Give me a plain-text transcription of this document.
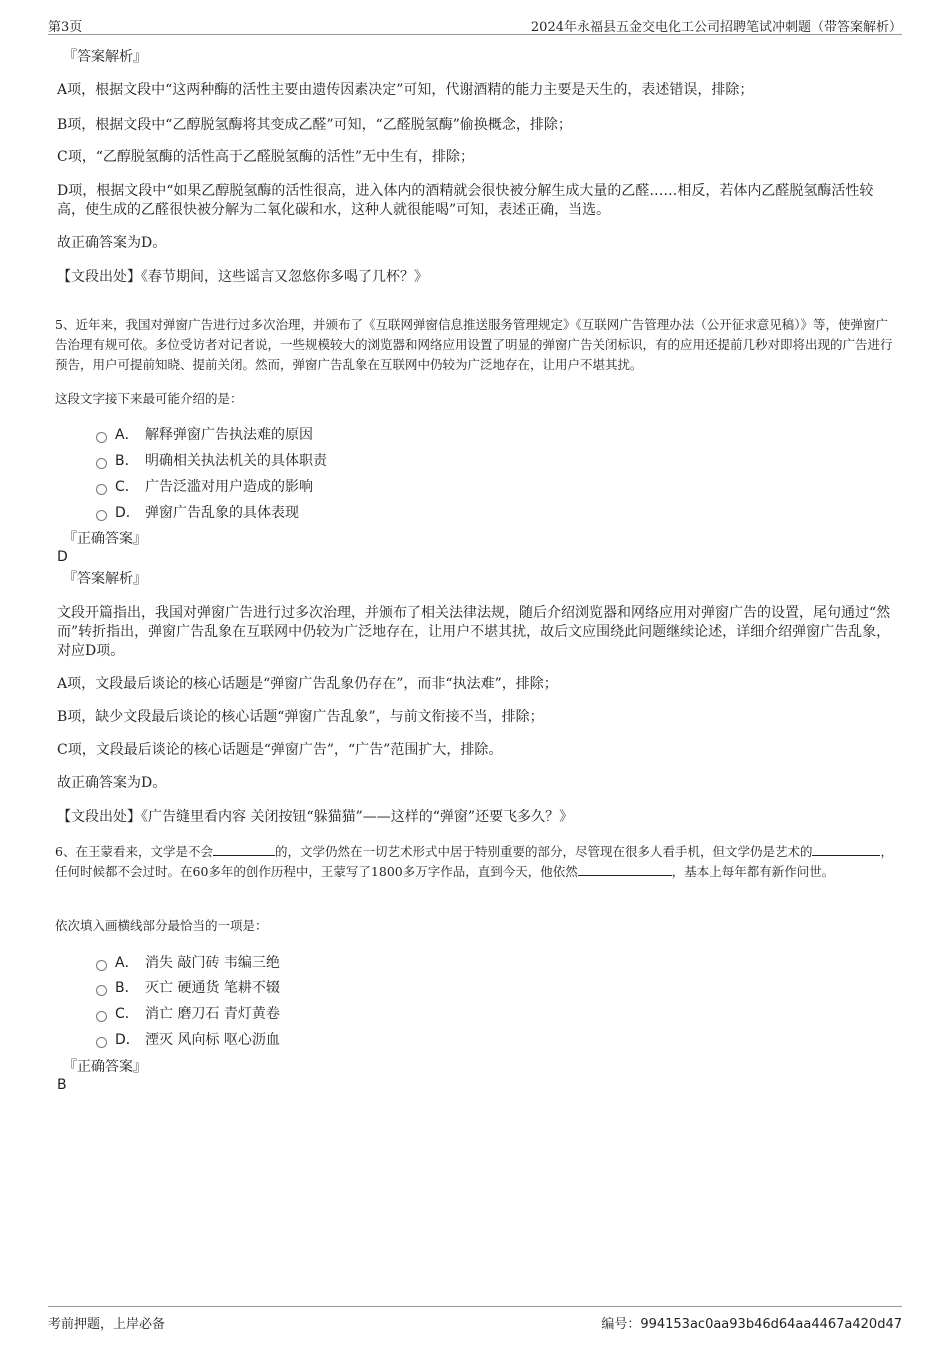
第3页	2024年永福县五金交电化工公司招聘笔试冲刺题（带答案解析）
『答案解析』
A项，根据文段中“这两种酶的活性主要由遗传因素决定”可知，代谢酒精的能力主要是天生的，表述错误，排除；
B项，根据文段中“乙醇脱氢酶将其变成乙醛”可知，“乙醛脱氢酶”偷换概念，排除；
C项，“乙醇脱氢酶的活性高于乙醛脱氢酶的活性”无中生有，排除；
D项，根据文段中“如果乙醇脱氢酶的活性很高，进入体内的酒精就会很快被分解生成大量的乙醛……相反，若体内乙醛脱氢酶活性较高，使生成的乙醛很快被分解为二氧化碳和水，这种人就很能喝”可知，表述正确，当选。
故正确答案为D。
【文段出处】《春节期间，这些谣言又忽悠你多喝了几杯？》
5、近年来，我国对弹窗广告进行过多次治理，并颁布了《互联网弹窗信息推送服务管理规定》《互联网广告管理办法（公开征求意见稿）》等，使弹窗广告治理有规可依。多位受访者对记者说，一些规模较大的浏览器和网络应用设置了明显的弹窗广告关闭标识，有的应用还提前几秒对即将出现的广告进行预告，用户可提前知晓、提前关闭。然而，弹窗广告乱象在互联网中仍较为广泛地存在，让用户不堪其扰。
这段文字接下来最可能介绍的是：
A． 解释弹窗广告执法难的原因
B． 明确相关执法机关的具体职责
C． 广告泛滥对用户造成的影响
D． 弹窗广告乱象的具体表现
『正确答案』
D
『答案解析』
文段开篇指出，我国对弹窗广告进行过多次治理，并颁布了相关法律法规，随后介绍浏览器和网络应用对弹窗广告的设置，尾句通过“然而”转折指出，弹窗广告乱象在互联网中仍较为广泛地存在，让用户不堪其扰，故后文应围绕此问题继续论述，详细介绍弹窗广告乱象，对应D项。
A项，文段最后谈论的核心话题是“弹窗广告乱象仍存在”，而非“执法难”，排除；
B项，缺少文段最后谈论的核心话题“弹窗广告乱象”，与前文衔接不当，排除；
C项，文段最后谈论的核心话题是“弹窗广告”，“广告”范围扩大，排除。
故正确答案为D。
【文段出处】《广告缝里看内容 关闭按钮“躲猫猫”——这样的“弹窗”还要飞多久？》
6、在王蒙看来，文学是不会	的，文学仍然在一切艺术形式中居于特别重要的部分，尽管现在很多人看手机，但文学仍是艺术的	，任何时候都不会过时。在60多年的创作历程中，王蒙写了1800多万字作品，直到今天，他依然	，基本上每年都有新作问世。
依次填入画横线部分最恰当的一项是：
A． 消失 敲门砖 韦编三绝
B． 灭亡 硬通货 笔耕不辍
C． 消亡 磨刀石 青灯黄卷
D． 湮灭 风向标 呕心沥血
『正确答案』
B
考前押题，上岸必备	编号：994153ac0aa93b46d64aa4467a420d47
